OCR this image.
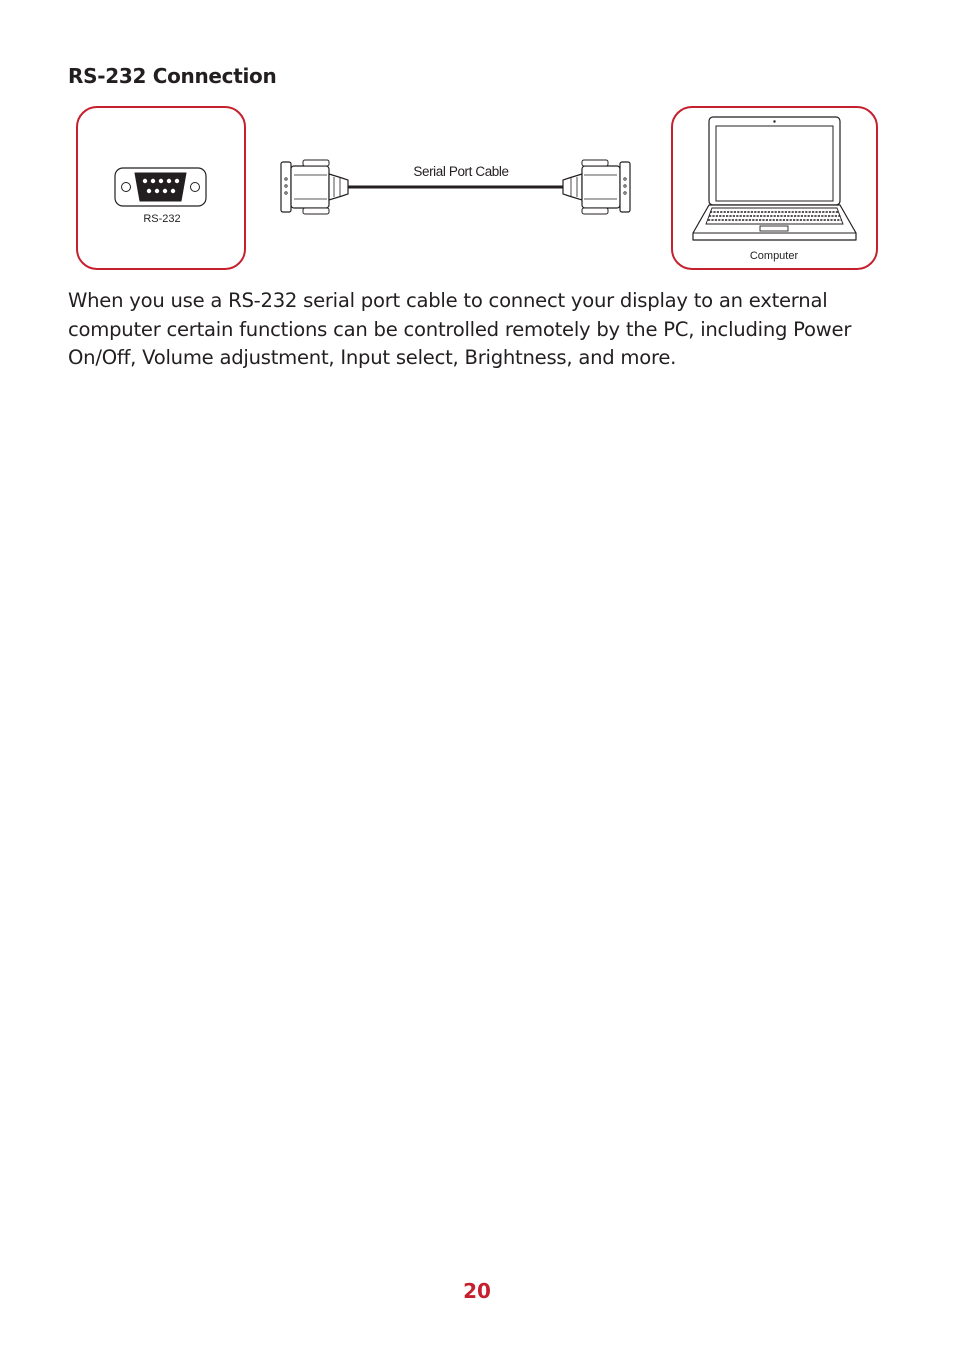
RS-232 Connection
RS-232
Serial Port Cable
Computer
When you use a RS-232 serial port cable to connect your display to an external computer certain functions can be controlled remotely by the PC, including Power On/Off, Volume adjustment, Input select, Brightness, and more.
20
